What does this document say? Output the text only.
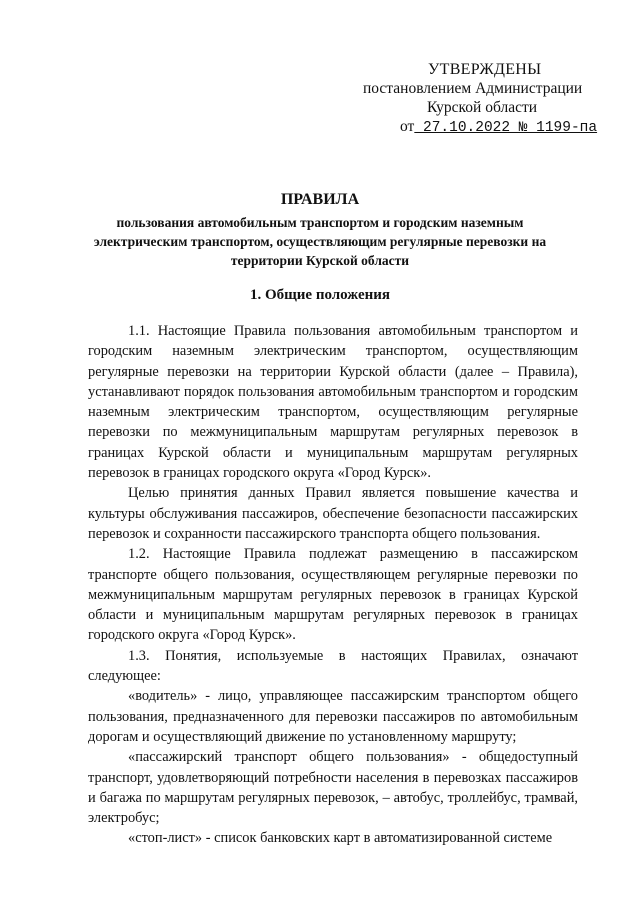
УТВЕРЖДЕНЫ
постановлением Администрации
Курской области
от 27.10.2022 № 1199-па
ПРАВИЛА
пользования автомобильным транспортом и городским наземным электрическим транспортом, осуществляющим регулярные перевозки на территории Курской области
1. Общие положения

1.1. Настоящие Правила пользования автомобильным транспортом и городским наземным электрическим транспортом, осуществляющим регулярные перевозки на территории Курской области (далее – Правила), устанавливают порядок пользования автомобильным транспортом и городским наземным электрическим транспортом, осуществляющим регулярные перевозки по межмуниципальным маршрутам регулярных перевозок в границах Курской области и муниципальным маршрутам регулярных перевозок в границах городского округа «Город Курск».

Целью принятия данных Правил является повышение качества и культуры обслуживания пассажиров, обеспечение безопасности пассажирских перевозок и сохранности пассажирского транспорта общего пользования.

1.2. Настоящие Правила подлежат размещению в пассажирском транспорте общего пользования, осуществляющем регулярные перевозки по межмуниципальным маршрутам регулярных перевозок в границах Курской области и муниципальным маршрутам регулярных перевозок в границах городского округа «Город Курск».

1.3. Понятия, используемые в настоящих Правилах, означают следующее:

«водитель» - лицо, управляющее пассажирским транспортом общего пользования, предназначенного для перевозки пассажиров по автомобильным дорогам и осуществляющий движение по установленному маршруту;

«пассажирский транспорт общего пользования» - общедоступный транспорт, удовлетворяющий потребности населения в перевозках пассажиров и багажа по маршрутам регулярных перевозок, – автобус, троллейбус, трамвай, электробус;

«стоп-лист» - список банковских карт в автоматизированной системе
